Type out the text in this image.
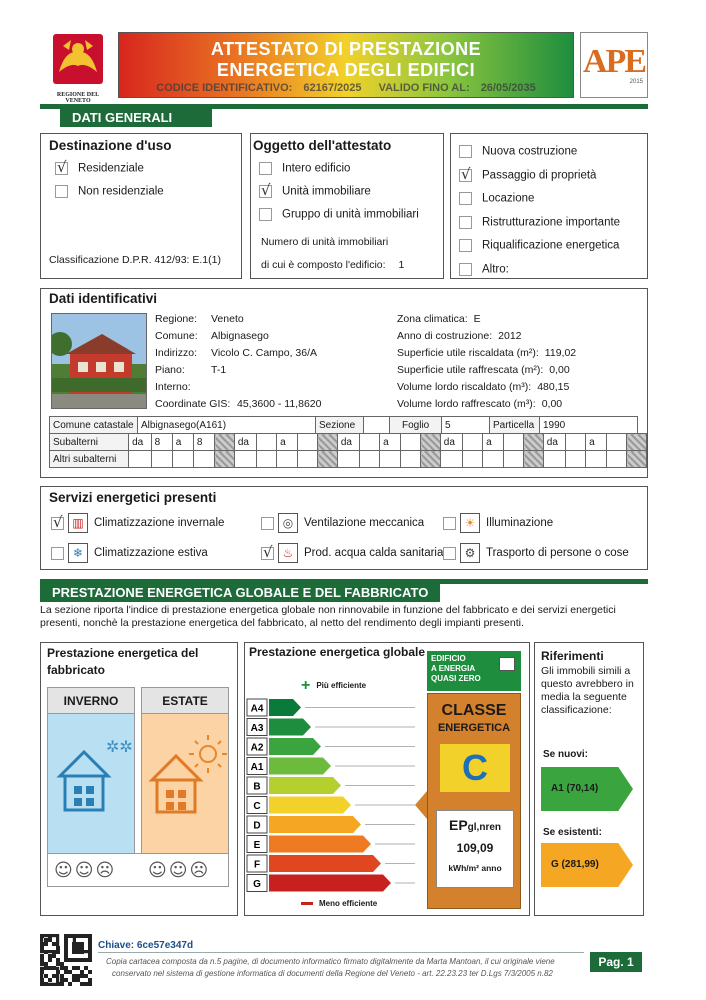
REGIONE DEL VENETO
ATTESTATO DI PRESTAZIONE
ENERGETICA DEGLI EDIFICI
CODICE IDENTIFICATIVO: 62167/2025 VALIDO FINO AL: 26/05/2035
APE
2015
DATI GENERALI
Destinazione d'uso
√Residenziale
Non residenziale
Classificazione D.P.R. 412/93: E.1(1)
Oggetto dell'attestato
Intero edificio
√Unità immobiliare
Gruppo di unità immobiliari
Numero di unità immobiliari
di cui è composto l'edificio: 1
Nuova costruzione
√Passaggio di proprietà
Locazione
Ristrutturazione importante
Riqualificazione energetica
Altro:
Dati identificativi
Regione: Veneto
Comune: Albignasego
Indirizzo: Vicolo C. Campo, 36/A
Piano: T-1
Interno:
Coordinate GIS: 45,3600 - 11,8620
Zona climatica: E
Anno di costruzione: 2012
Superficie utile riscaldata (m²): 119,02
Superficie utile raffrescata (m²): 0,00
Volume lordo riscaldato (m³): 480,15
Volume lordo raffrescato (m³): 0,00
Comune catastale	Albignasego(A161)	Sezione		Foglio	5	Particella	1990
Subalterni	da	8	a	8		da		a			da		a			da		a			da		a		
Altri subalterni																									
Servizi energetici presenti
√▥ Climatizzazione invernale	◎ Ventilazione meccanica	☀ Illuminazione
❄ Climatizzazione estiva √	♨ Prod. acqua calda sanitaria	⚙ Trasporto di persone o cose
PRESTAZIONE ENERGETICA GLOBALE E DEL FABBRICATO
La sezione riporta l'indice di prestazione energetica globale non rinnovabile in funzione del fabbricato e dei servizi energetici presenti, nonchè la prestazione energetica del fabbricato, al netto del rendimento degli impianti presenti.
Prestazione energetica del fabbricato
INVERNO
✲✲
ESTATE
☺☺☹ ☺☺☹
Prestazione energetica globale
+ Più efficiente
A4
A3
A2
A1
B
C
D
E
F
G
Meno efficiente
EDIFICIO
A ENERGIA
QUASI ZERO
CLASSE
ENERGETICA
C
EPgl,nren
109,09
kWh/m² anno
Riferimenti
Gli immobili simili a questo avrebbero in media la seguente classificazione:
Se nuovi:
A1 (70,14)
Se esistenti:
G (281,99)
Chiave: 6ce57e347d
Copia cartacea composta da n.5 pagine, di documento informatico firmato digitalmente da Marta Mantoan, il cui originale viene
conservato nel sistema di gestione informatica di documenti della Regione del Veneto - art. 22.23.23 ter D.Lgs 7/3/2005 n.82
Pag. 1
